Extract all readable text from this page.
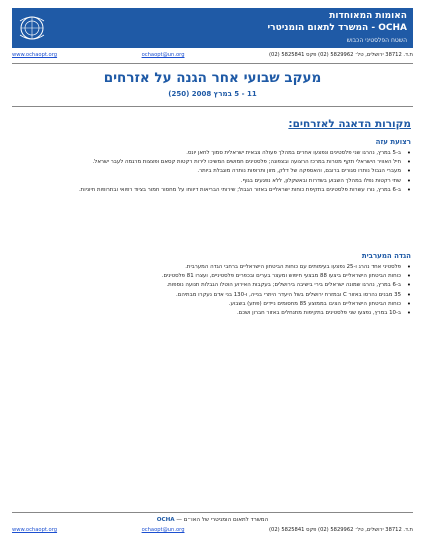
האומות המאוחדות
OCHA - המשרד לתאום הומניטרי
השטח הפלסטיני הכבוש
www.ochaopt.org	ochaopt@un.org	ת.ד. 38712 ירושלים, טל׳ 5829962 (02) פקס 5825841 (02)
מעקב שבועי אחר הגנה על אזרחים
11 - 5 במרץ 2008 (250)
מקורות הדאגה לאזרחים:
רצועת עזה
• ב-5 במרץ, נהרגו שני פלסטינים ונפצעו אחרים במהלך פעולה צבאית ישראלית סמוך לחאן יונס.
• חיל האוויר הישראלי תקף מטרות במרכז הרצועה ובצפונה; פלסטינים חמושים המשיכו לירות רקטות קסאם ופצצות מרגמה לעבר ישראל.
• מעברי הגבול נותרו סגורים ברובם, והאספקה של דלק, מזון ותרופות נותרה מוגבלת ביותר.
• שתי רקטות נפלו במהלך השבוע בשדרות ובאשקלון, ללא נפגעים בגוף.
• ב-6 במרץ, נורו עשרות פלסטינים בתקיפת כוחות ישראליים באזור הגבול; שירותי הבריאות דיווחו על מחסור חמור בציוד רפואי ובתרופות חיוניות.
הגדה המערבית
• פלסטיני אחד נהרג ו-25 נפצעו בעימותים עם כוחות הביטחון הישראליים ברחבי הגדה המערבית.
• כוחות הביטחון הישראליים ביצעו 88 מבצעי חיפוש ומעצר בערים ובכפרים פלסטיניים, ועצרו 81 פלסטינים.
• ב-6 במרץ, נהרגו שמונה ישראלים בירי בישיבה בירושלים; בעקבות האירוע הוטלו הגבלות תנועה נוספות.
• 35 מבנים נהרסו באזור C ובמזרח ירושלים בשל היעדר היתרי בנייה, ו-130 בני אדם נעקרו מבתיהם.
• כוחות הביטחון הישראליים הציבו בממוצע 85 מחסומים ניידים (פתע) בשבוע.
• ב-10 במרץ, נפצעו שני פלסטינים בתקיפות מתנחלים באזור חברון ושכם.
המשרד לתאום הומניטרי של האו״ם — OCHA
www.ochaopt.org	ochaopt@un.org	ת.ד. 38712 ירושלים, טל׳ 5829962 (02) פקס 5825841 (02)
